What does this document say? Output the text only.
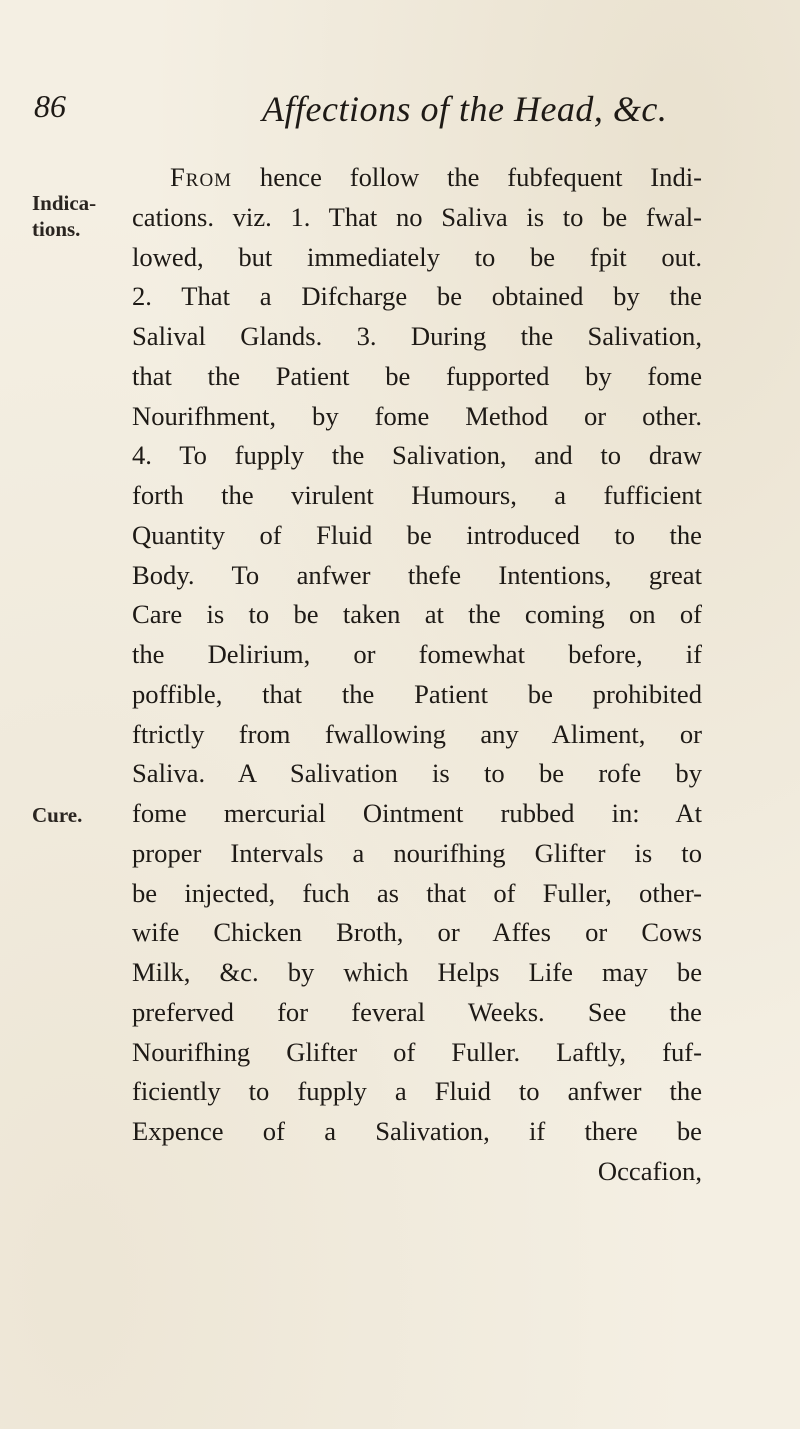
86	Affections of the Head, &c.
Indica-
tions.
Cure.
From hence follow the fubfequent Indi-
cations. viz. 1. That no Saliva is to be fwal-
lowed, but immediately to be fpit out.
2. That a Difcharge be obtained by the
Salival Glands. 3. During the Salivation,
that the Patient be fupported by fome
Nourifhment, by fome Method or other.
4. To fupply the Salivation, and to draw
forth the virulent Humours, a fufficient
Quantity of Fluid be introduced to the
Body. To anfwer thefe Intentions, great
Care is to be taken at the coming on of
the Delirium, or fomewhat before, if
poffible, that the Patient be prohibited
ftrictly from fwallowing any Aliment, or
Saliva. A Salivation is to be rofe by
fome mercurial Ointment rubbed in: At
proper Intervals a nourifhing Glifter is to
be injected, fuch as that of Fuller, other-
wife Chicken Broth, or Affes or Cows
Milk, &c. by which Helps Life may be
preferved for feveral Weeks. See the
Nourifhing Glifter of Fuller. Laftly, fuf-
ficiently to fupply a Fluid to anfwer the
Expence of a Salivation, if there be
Occafion,
